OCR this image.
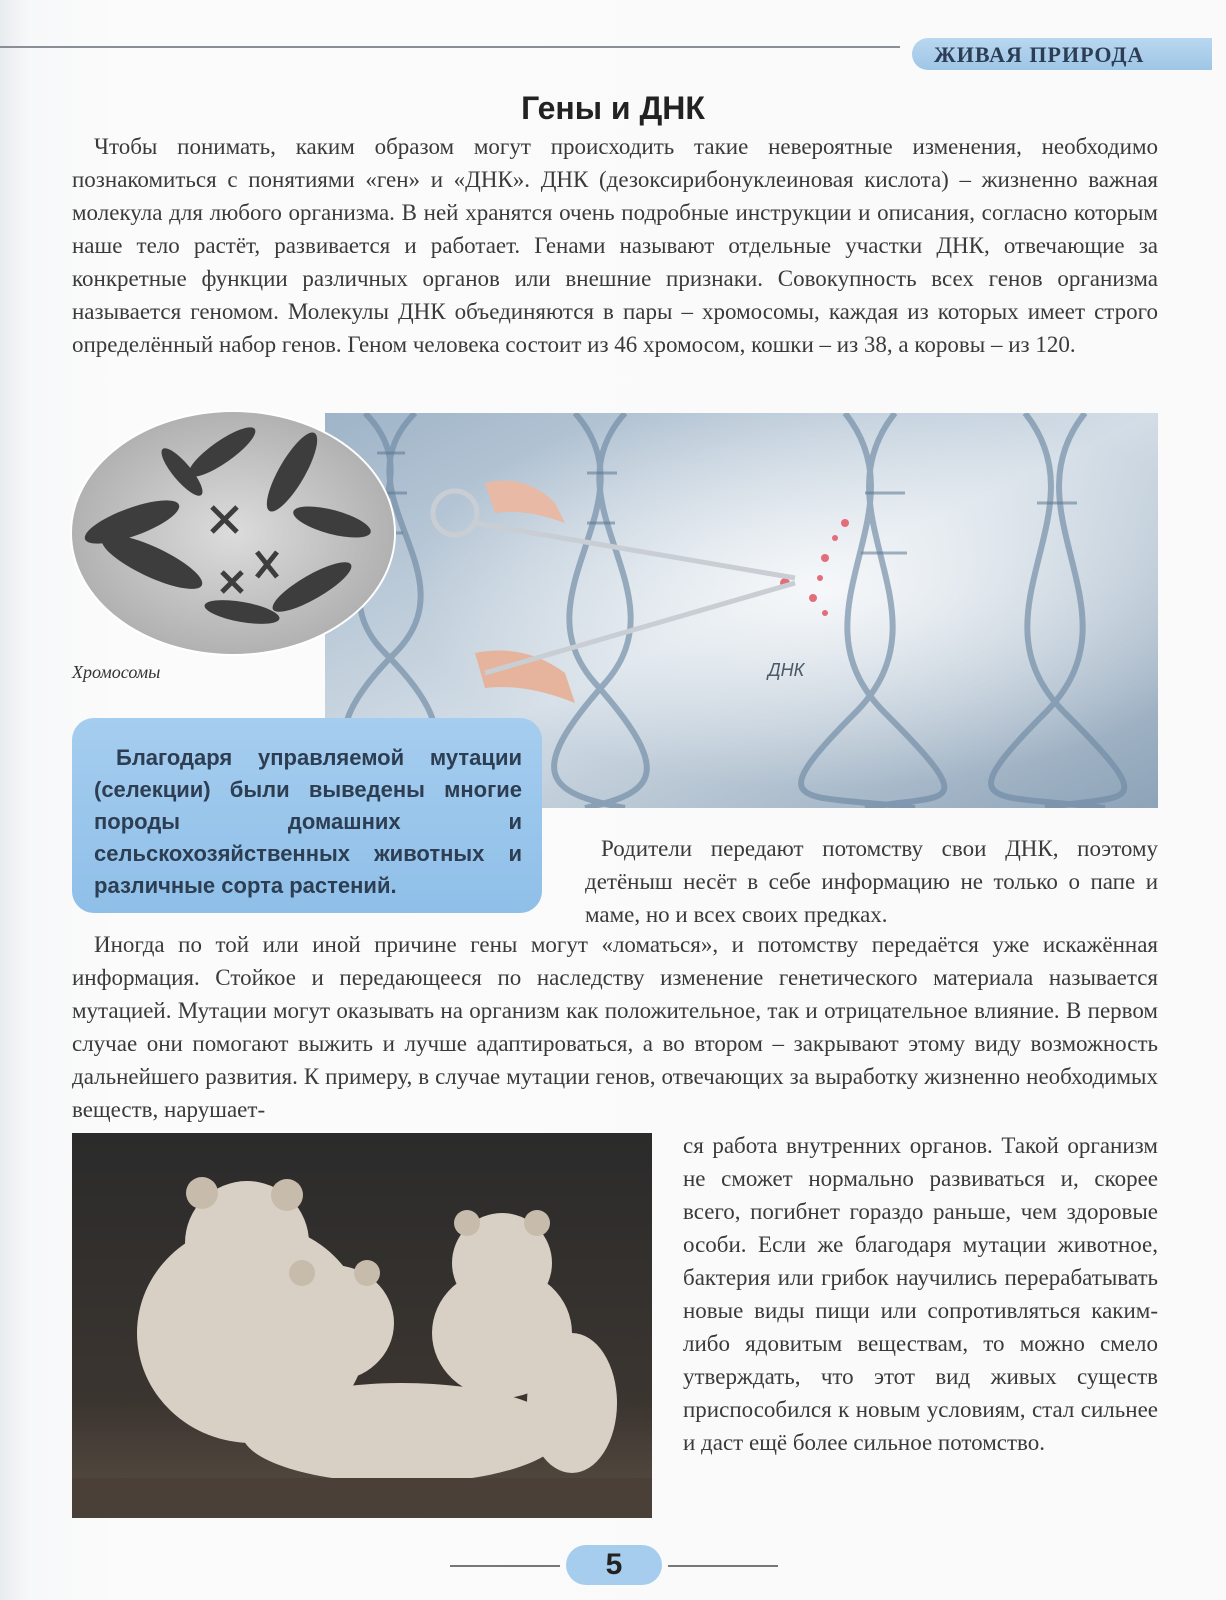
ЖИВАЯ ПРИРОДА
Гены и ДНК

Чтобы понимать, каким образом могут происходить такие невероятные изменения, необходимо познакомиться с понятиями «ген» и «ДНК». ДНК (дезоксирибонуклеиновая кислота) – жизненно важная молекула для любого организма. В ней хранятся очень подробные инструкции и описания, согласно которым наше тело растёт, развивается и работает. Генами называют отдельные участки ДНК, отвечающие за конкретные функции различных органов или внешние признаки. Совокупность всех генов организма называется геномом. Молекулы ДНК объединяются в пары – хромосомы, каждая из которых имеет строго определённый набор генов. Геном человека состоит из 46 хромосом, кошки – из 38, а коровы – из 120.

ДНК
Хромосомы

Благодаря управляемой мутации (селекции) были выведены многие породы домашних и сельскохозяйственных животных и различные сорта растений.

Родители передают потомству свои ДНК, поэтому детёныш несёт в себе информацию не только о папе и маме, но и всех своих предках.

Иногда по той или иной причине гены могут «ломаться», и потомству передаётся уже искажённая информация. Стойкое и передающееся по наследству изменение генетического материала называется мутацией. Мутации могут оказывать на организм как положительное, так и отрицательное влияние. В первом случае они помогают выжить и лучше адаптироваться, а во втором – закрывают этому виду возможность дальнейшего развития. К примеру, в случае мутации генов, отвечающих за выработку жизненно необходимых веществ, нарушает-

ся работа внутренних органов. Такой организм не сможет нормально развиваться и, скорее всего, погибнет гораздо раньше, чем здоровые особи. Если же благодаря мутации животное, бактерия или грибок научились перерабатывать новые виды пищи или сопротивляться каким-либо ядовитым веществам, то можно смело утверждать, что этот вид живых существ приспособился к новым условиям, стал сильнее и даст ещё более сильное потомство.

5
